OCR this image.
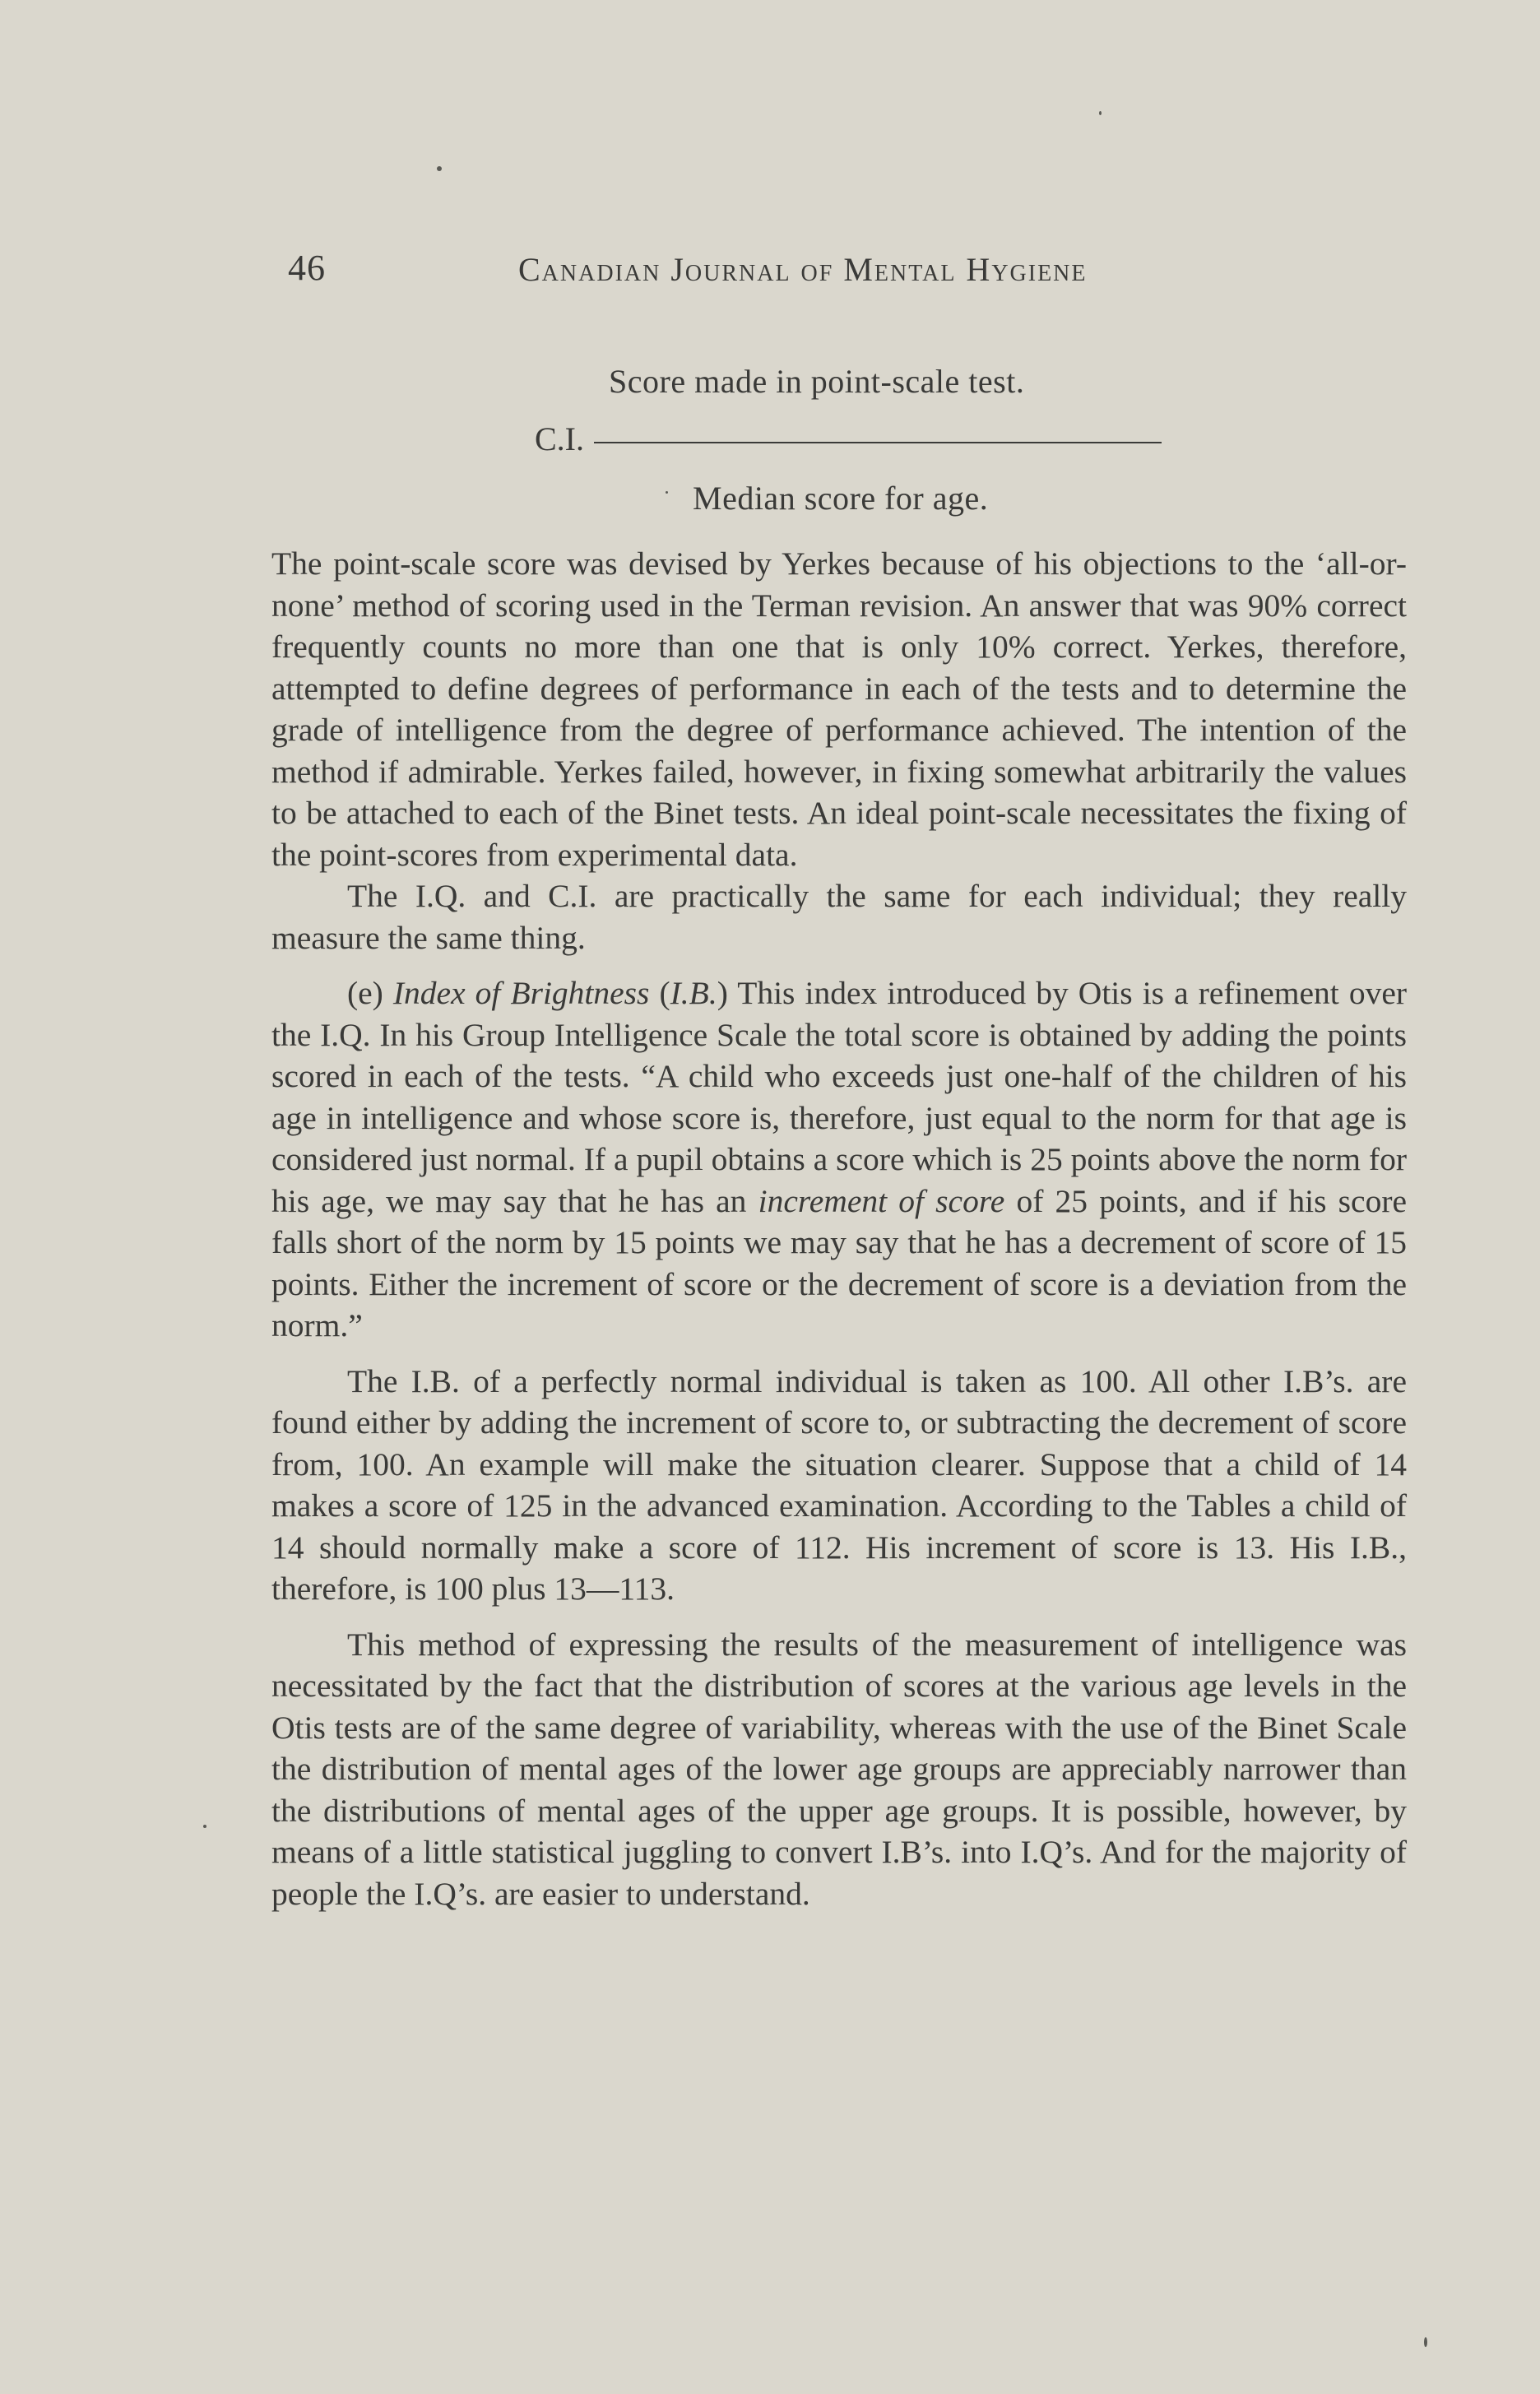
46	Canadian Journal of Mental Hygiene
Score made in point-scale test.
C.I.
Median score for age.

The point-scale score was devised by Yerkes because of his objections to the ‘all-or-none’ method of scoring used in the Terman revision. An answer that was 90% correct frequently counts no more than one that is only 10% correct. Yerkes, therefore, attempted to define degrees of performance in each of the tests and to determine the grade of intelligence from the degree of performance achieved. The intention of the method if admirable. Yerkes failed, however, in fixing somewhat arbitrarily the values to be attached to each of the Binet tests. An ideal point-scale necessitates the fixing of the point-scores from experimental data.

The I.Q. and C.I. are practically the same for each individual; they really measure the same thing.

(e) Index of Brightness (I.B.) This index introduced by Otis is a refinement over the I.Q. In his Group Intelligence Scale the total score is obtained by adding the points scored in each of the tests. “A child who exceeds just one-half of the children of his age in intelligence and whose score is, therefore, just equal to the norm for that age is considered just normal. If a pupil obtains a score which is 25 points above the norm for his age, we may say that he has an increment of score of 25 points, and if his score falls short of the norm by 15 points we may say that he has a decrement of score of 15 points. Either the increment of score or the decrement of score is a deviation from the norm.”

The I.B. of a perfectly normal individual is taken as 100. All other I.B’s. are found either by adding the increment of score to, or subtracting the decrement of score from, 100. An example will make the situation clearer. Suppose that a child of 14 makes a score of 125 in the advanced examination. According to the Tables a child of 14 should normally make a score of 112. His increment of score is 13. His I.B., therefore, is 100 plus 13—113.

This method of expressing the results of the measurement of intelligence was necessitated by the fact that the distribution of scores at the various age levels in the Otis tests are of the same degree of variability, whereas with the use of the Binet Scale the distribution of mental ages of the lower age groups are appreciably narrower than the distributions of mental ages of the upper age groups. It is possible, however, by means of a little statistical juggling to convert I.B’s. into I.Q’s. And for the majority of people the I.Q’s. are easier to understand.
